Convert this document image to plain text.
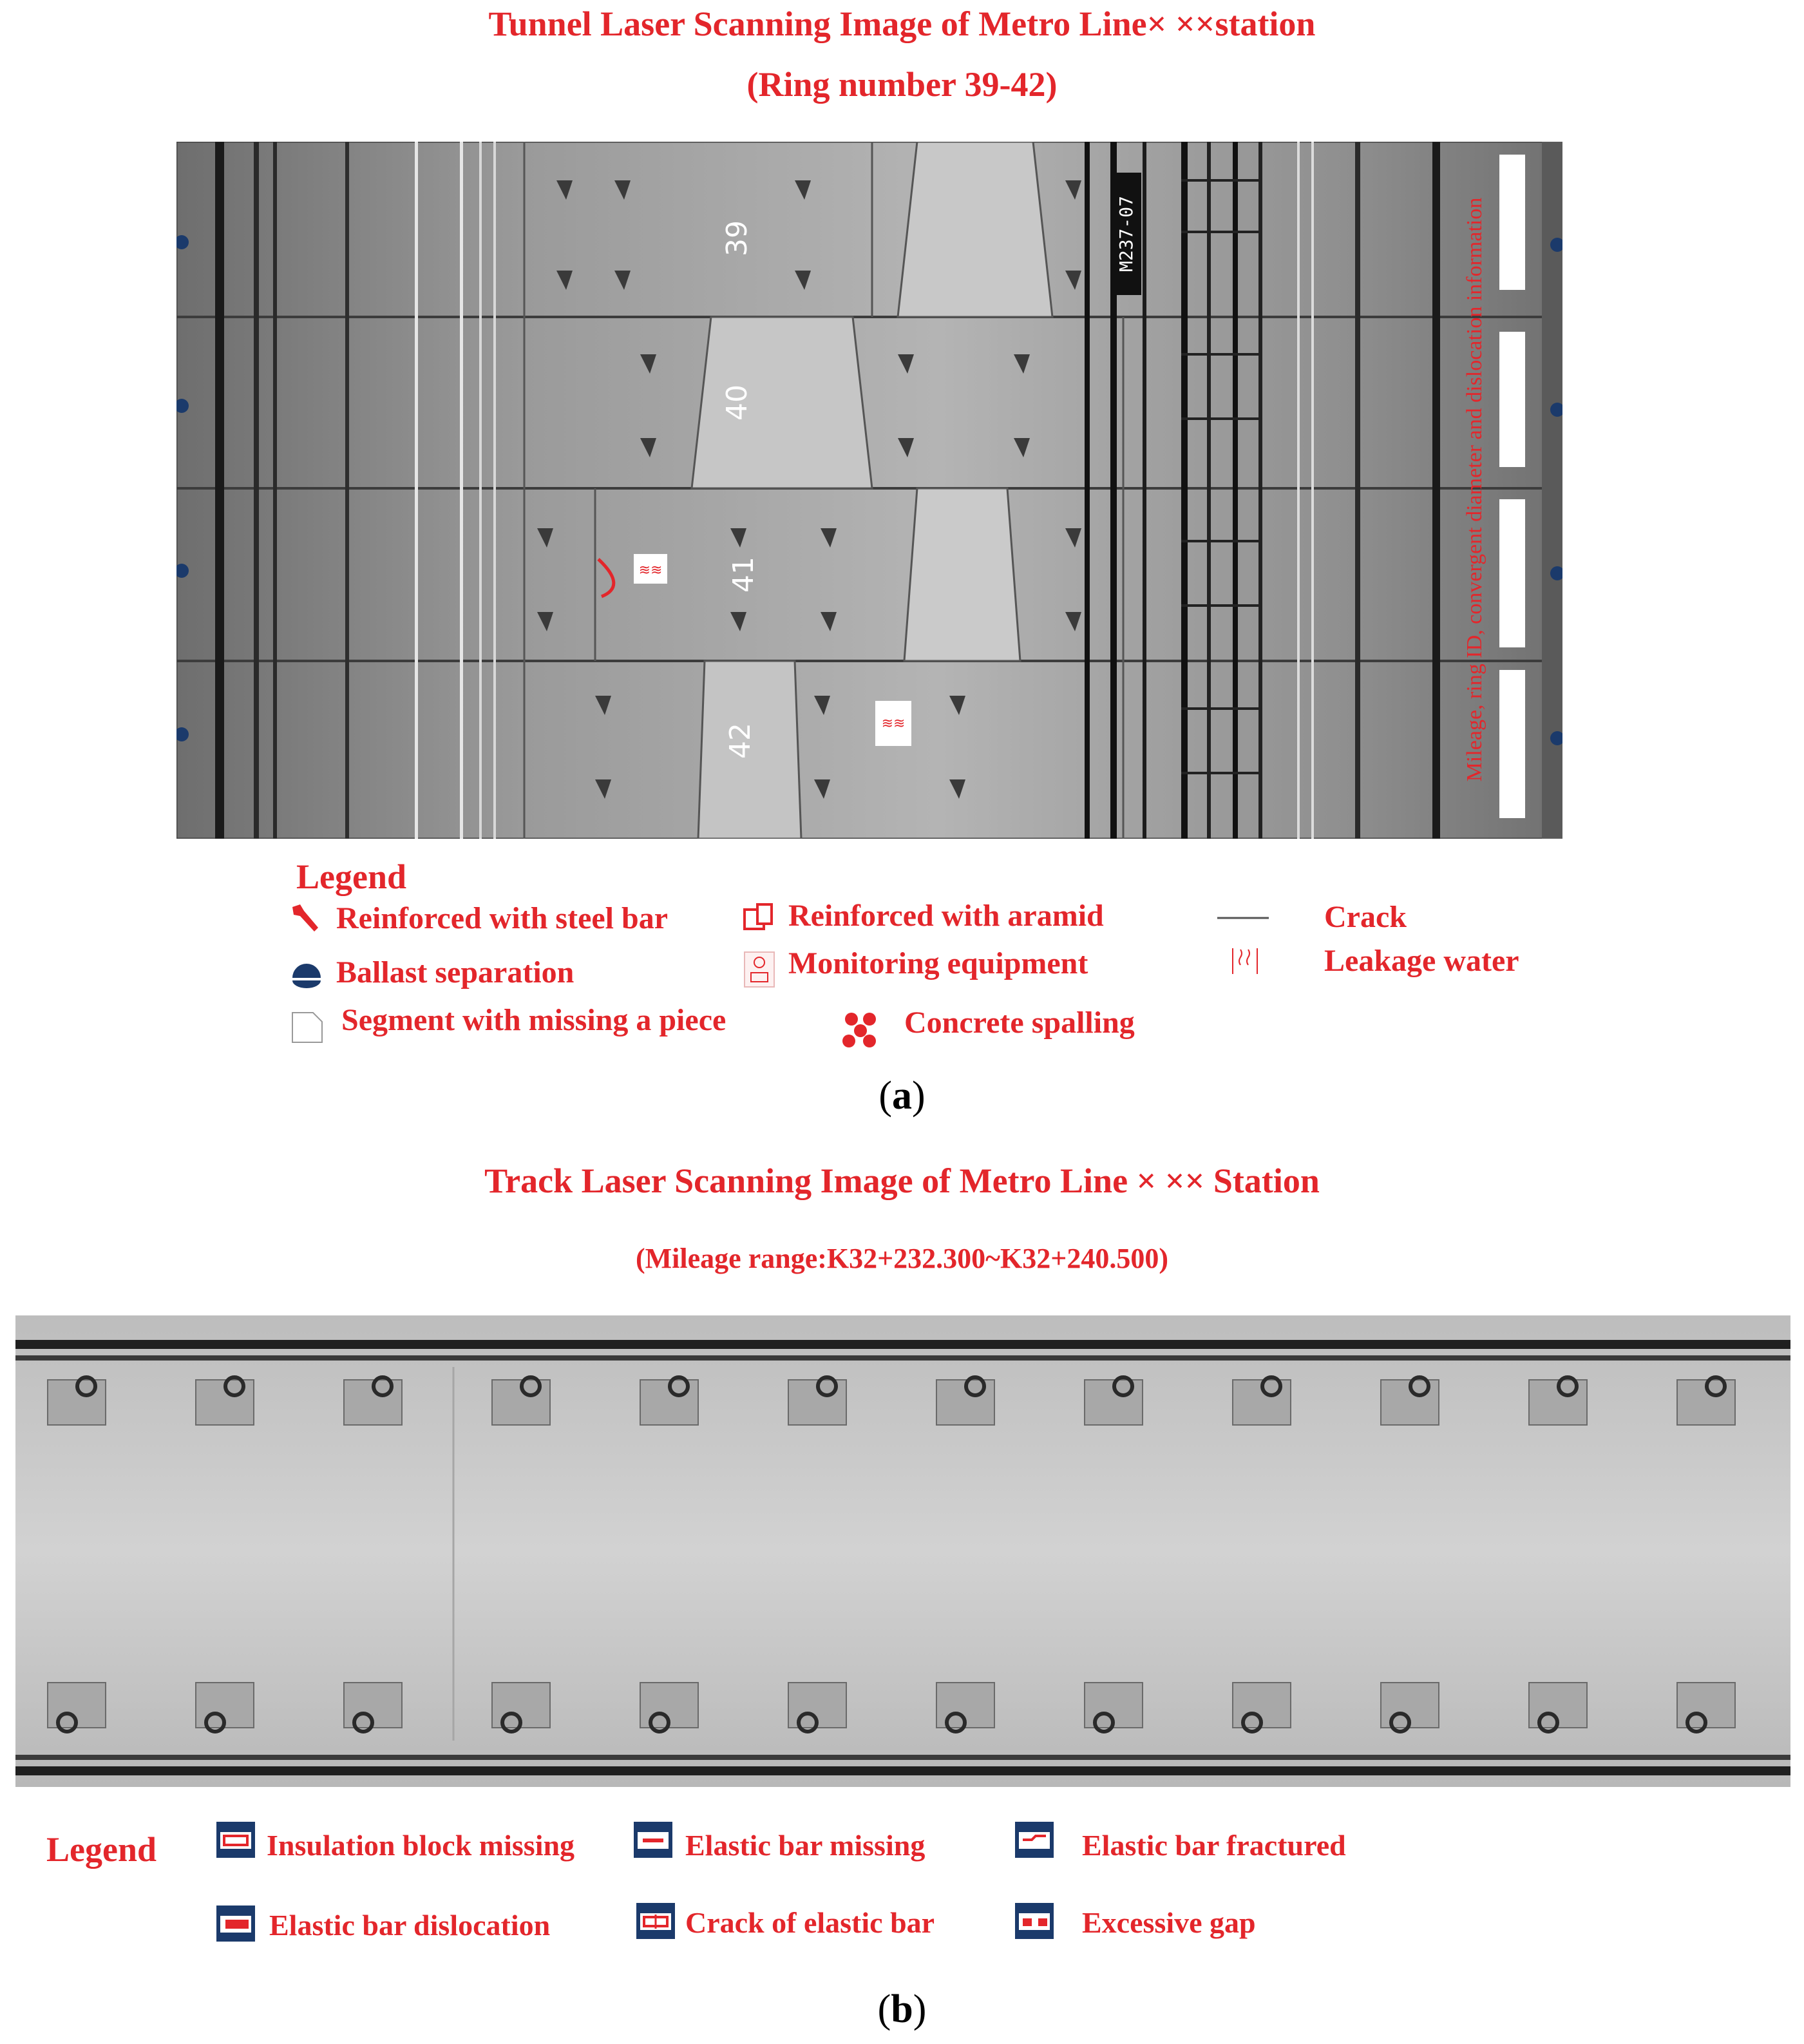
Tunnel Laser Scanning Image of Metro Line× ××station
(Ring number 39-42)
39
40
41
42
M237-07
≋≋
≋≋	Mileage, ring ID, convergent diameter and dislocation information
Legend
Reinforced with steel bar	Reinforced with aramid	Crack
Ballast separation	Monitoring equipment	Leakage water
Segment with missing a piece	Concrete spalling
(a)
Track Laser Scanning Image of Metro Line × ×× Station
(Mileage range:K32+232.300~K32+240.500)
Legend	Insulation block missing	Elastic bar missing	Elastic bar fractured
Elastic bar dislocation	Crack of elastic bar	Excessive gap
(b)
